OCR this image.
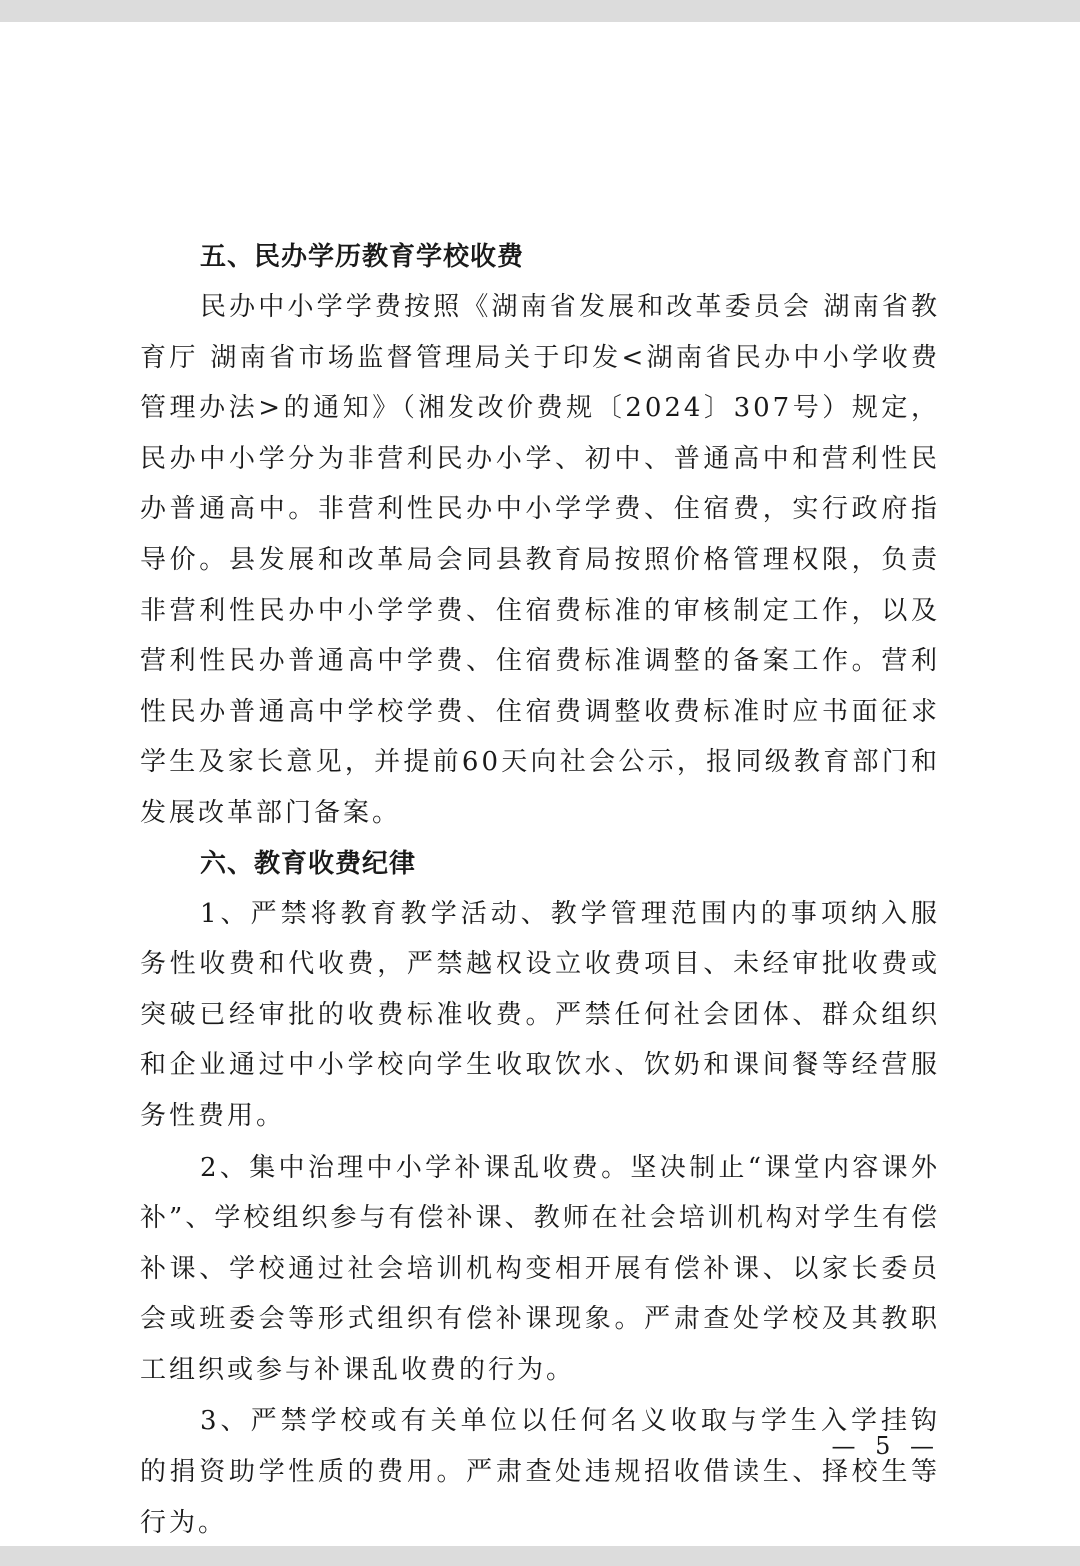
五、民办学历教育学校收费

民办中小学学费按照《湖南省发展和改革委员会 湖南省教育厅 湖南省市场监督管理局关于印发<湖南省民办中小学收费管理办法>的通知》（湘发改价费规〔2024〕307号）规定，民办中小学分为非营利民办小学、初中、普通高中和营利性民办普通高中。非营利性民办中小学学费、住宿费，实行政府指导价。县发展和改革局会同县教育局按照价格管理权限，负责非营利性民办中小学学费、住宿费标准的审核制定工作，以及营利性民办普通高中学费、住宿费标准调整的备案工作。营利性民办普通高中学校学费、住宿费调整收费标准时应书面征求学生及家长意见，并提前60天向社会公示，报同级教育部门和发展改革部门备案。

六、教育收费纪律

1、严禁将教育教学活动、教学管理范围内的事项纳入服务性收费和代收费，严禁越权设立收费项目、未经审批收费或突破已经审批的收费标准收费。严禁任何社会团体、群众组织和企业通过中小学校向学生收取饮水、饮奶和课间餐等经营服务性费用。

2、集中治理中小学补课乱收费。坚决制止“课堂内容课外补”、学校组织参与有偿补课、教师在社会培训机构对学生有偿补课、学校通过社会培训机构变相开展有偿补课、以家长委员会或班委会等形式组织有偿补课现象。严肃查处学校及其教职工组织或参与补课乱收费的行为。

3、严禁学校或有关单位以任何名义收取与学生入学挂钩的捐资助学性质的费用。严肃查处违规招收借读生、择校生等行为。

— 5 —
